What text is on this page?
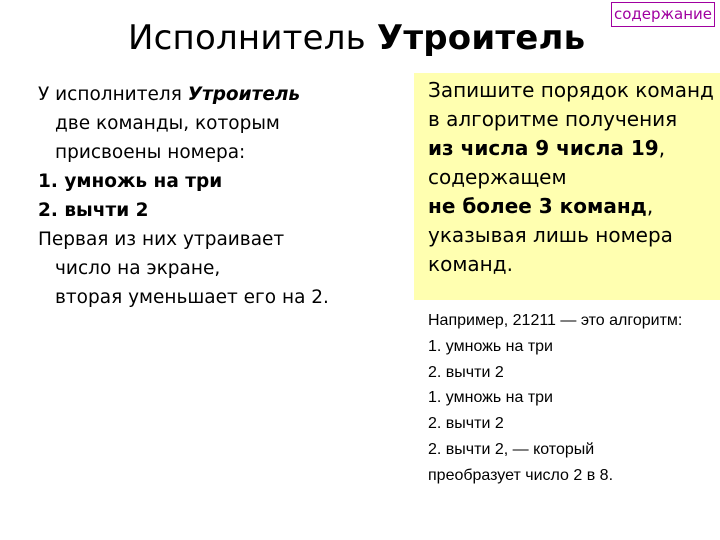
Исполнитель Утроитель
содержание
У исполнителя Утроитель
две команды, которым
присвоены номера:
1. умножь на три
2. вычти 2
Первая из них утраивает
число на экране,
вторая уменьшает его на 2.
Запишите порядок команд
в алгоритме получения
из числа 9 числа 19,
содержащем
не более 3 команд,
указывая лишь номера
команд.
Например, 21211 — это алгоритм:
1. умножь на три
2. вычти 2
1. умножь на три
2. вычти 2
2. вычти 2, — который
преобразует число 2 в 8.
